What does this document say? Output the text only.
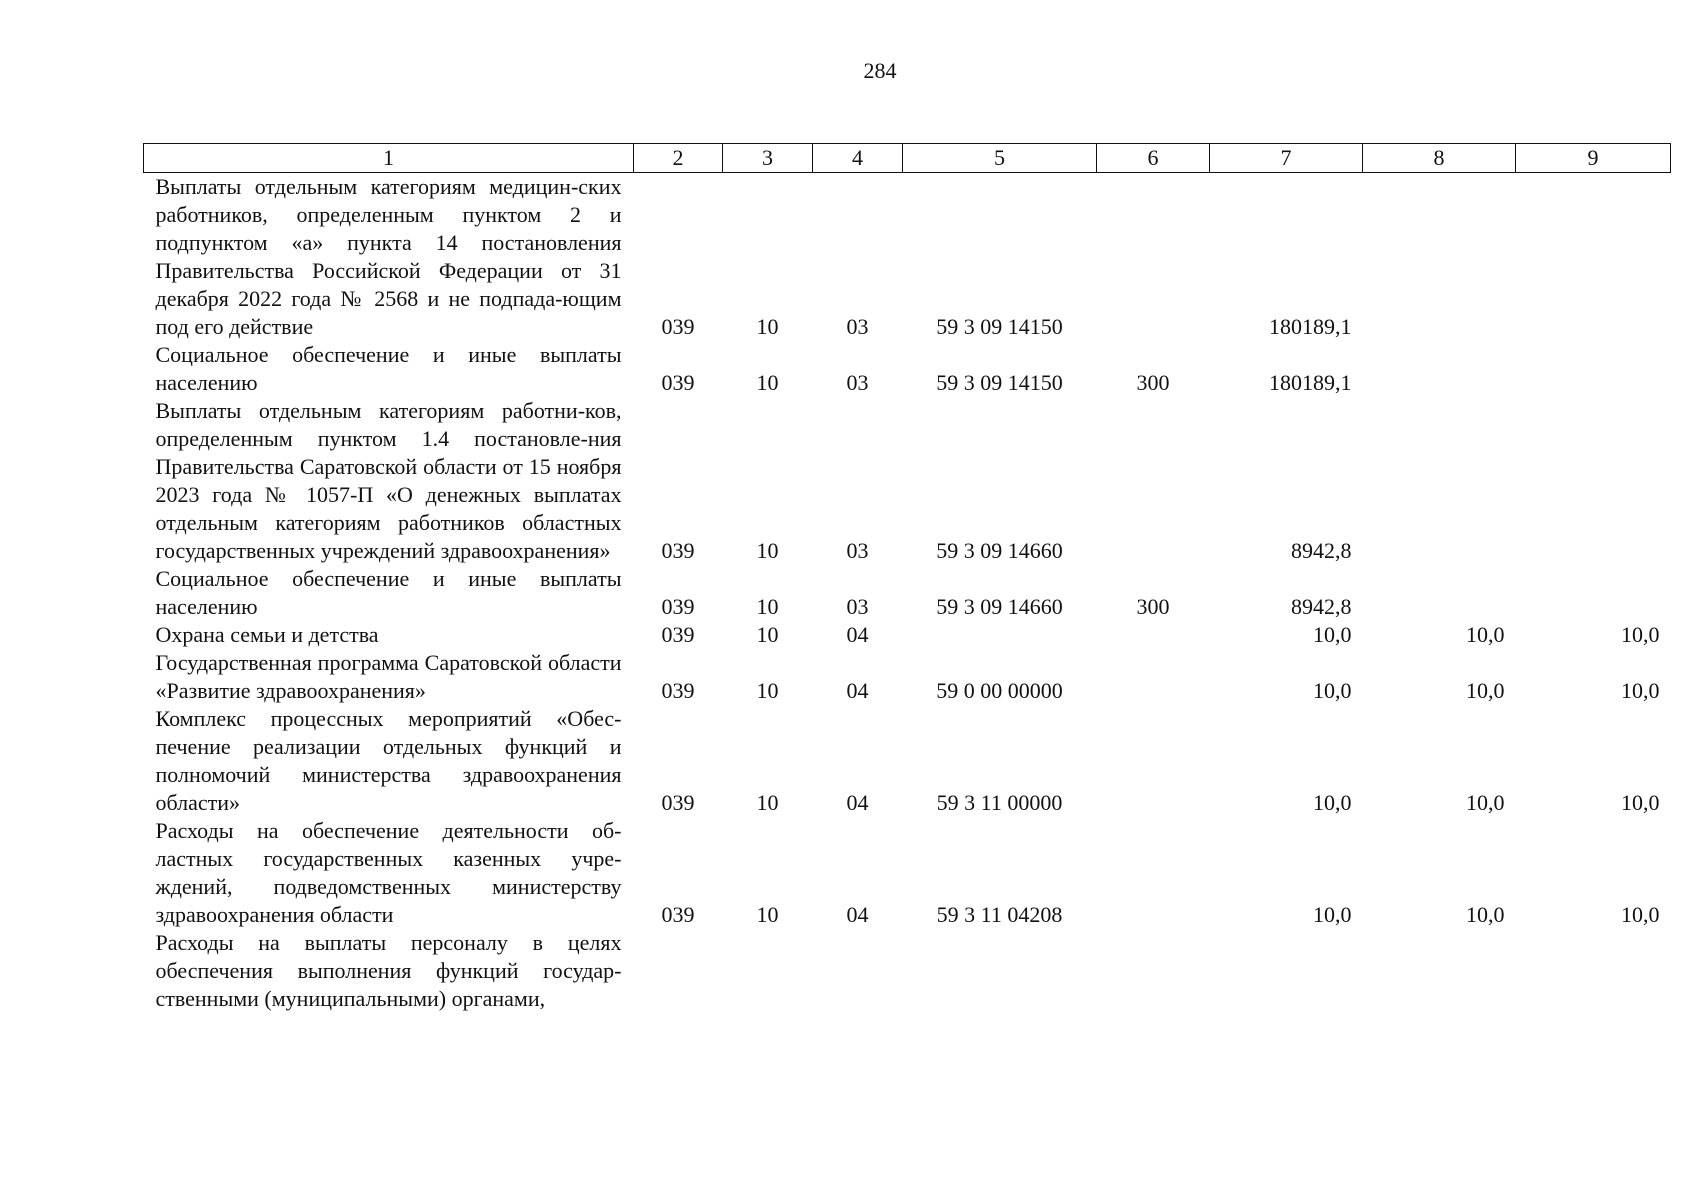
284
1	2	3	4	5	6	7	8	9
Выплаты отдельным категориям медицин-ских работников, определенным пунктом 2 и подпунктом «а» пункта 14 постановления Правительства Российской Федерации от 31 декабря 2022 года № 2568 и не подпада-ющим под его действие	039	10	03	59 3 09 14150		180189,1		
Социальное обеспечение и иные выплаты населению	039	10	03	59 3 09 14150	300	180189,1		
Выплаты отдельным категориям работни-ков, определенным пунктом 1.4 постановле-ния Правительства Саратовской области от 15 ноября 2023 года № 1057-П «О денежных выплатах отдельным категориям работников областных государственных учреждений здравоохранения»	039	10	03	59 3 09 14660		8942,8		
Социальное обеспечение и иные выплаты населению	039	10	03	59 3 09 14660	300	8942,8		
Охрана семьи и детства	039	10	04			10,0	10,0	10,0
Государственная программа Саратовской области «Развитие здравоохранения»	039	10	04	59 0 00 00000		10,0	10,0	10,0
Комплекс процессных мероприятий «Обес-печение реализации отдельных функций и полномочий министерства здравоохранения области»	039	10	04	59 3 11 00000		10,0	10,0	10,0
Расходы на обеспечение деятельности об-ластных государственных казенных учре-ждений, подведомственных министерству здравоохранения области	039	10	04	59 3 11 04208		10,0	10,0	10,0
Расходы на выплаты персоналу в целях обеспечения выполнения функций государ-ственными (муниципальными) органами,								
